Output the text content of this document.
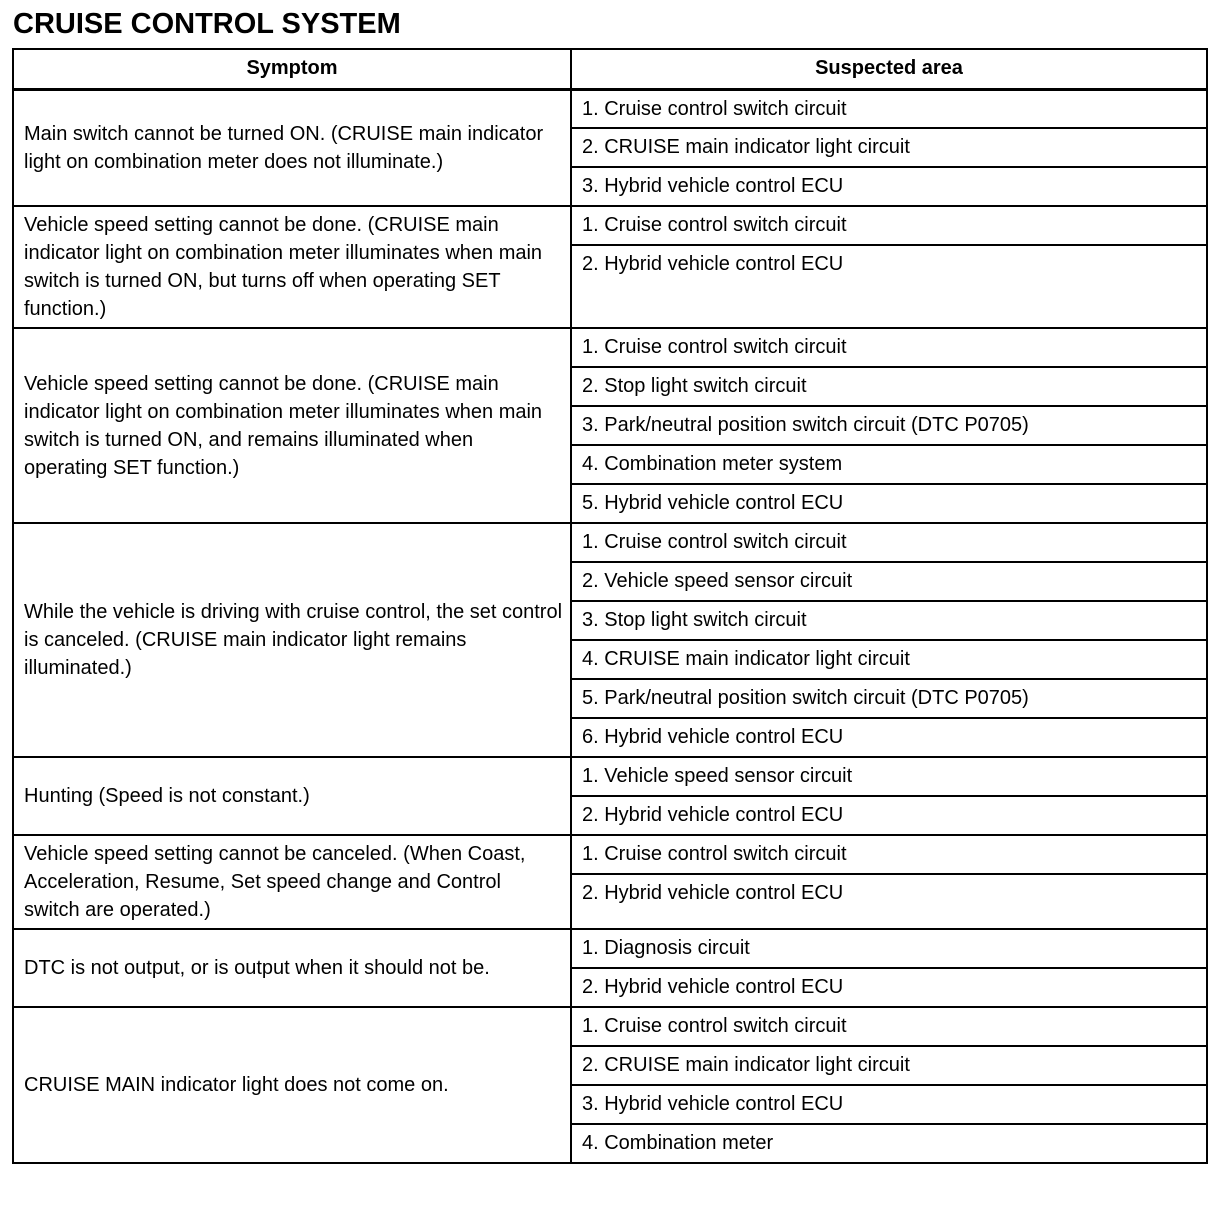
CRUISE CONTROL SYSTEM
Symptom	Suspected area
Main switch cannot be turned ON. (CRUISE main indicator light on combination meter does not illuminate.)	1. Cruise control switch circuit
	2. CRUISE main indicator light circuit
	3. Hybrid vehicle control ECU
Vehicle speed setting cannot be done. (CRUISE main indicator light on combination meter illuminates when main switch is turned ON, but turns off when operating SET function.)	1. Cruise control switch circuit
	2. Hybrid vehicle control ECU
Vehicle speed setting cannot be done. (CRUISE main indicator light on combination meter illuminates when main switch is turned ON, and remains illuminated when operating SET function.)	1. Cruise control switch circuit
	2. Stop light switch circuit
	3. Park/neutral position switch circuit (DTC P0705)
	4. Combination meter system
	5. Hybrid vehicle control ECU
While the vehicle is driving with cruise control, the set control is canceled. (CRUISE main indicator light remains illuminated.)	1. Cruise control switch circuit
	2. Vehicle speed sensor circuit
	3. Stop light switch circuit
	4. CRUISE main indicator light circuit
	5. Park/neutral position switch circuit (DTC P0705)
	6. Hybrid vehicle control ECU
Hunting (Speed is not constant.)	1. Vehicle speed sensor circuit
	2. Hybrid vehicle control ECU
Vehicle speed setting cannot be canceled. (When Coast, Acceleration, Resume, Set speed change and Control switch are operated.)	1. Cruise control switch circuit
	2. Hybrid vehicle control ECU
DTC is not output, or is output when it should not be.	1. Diagnosis circuit
	2. Hybrid vehicle control ECU
CRUISE MAIN indicator light does not come on.	1. Cruise control switch circuit
	2. CRUISE main indicator light circuit
	3. Hybrid vehicle control ECU
	4. Combination meter
